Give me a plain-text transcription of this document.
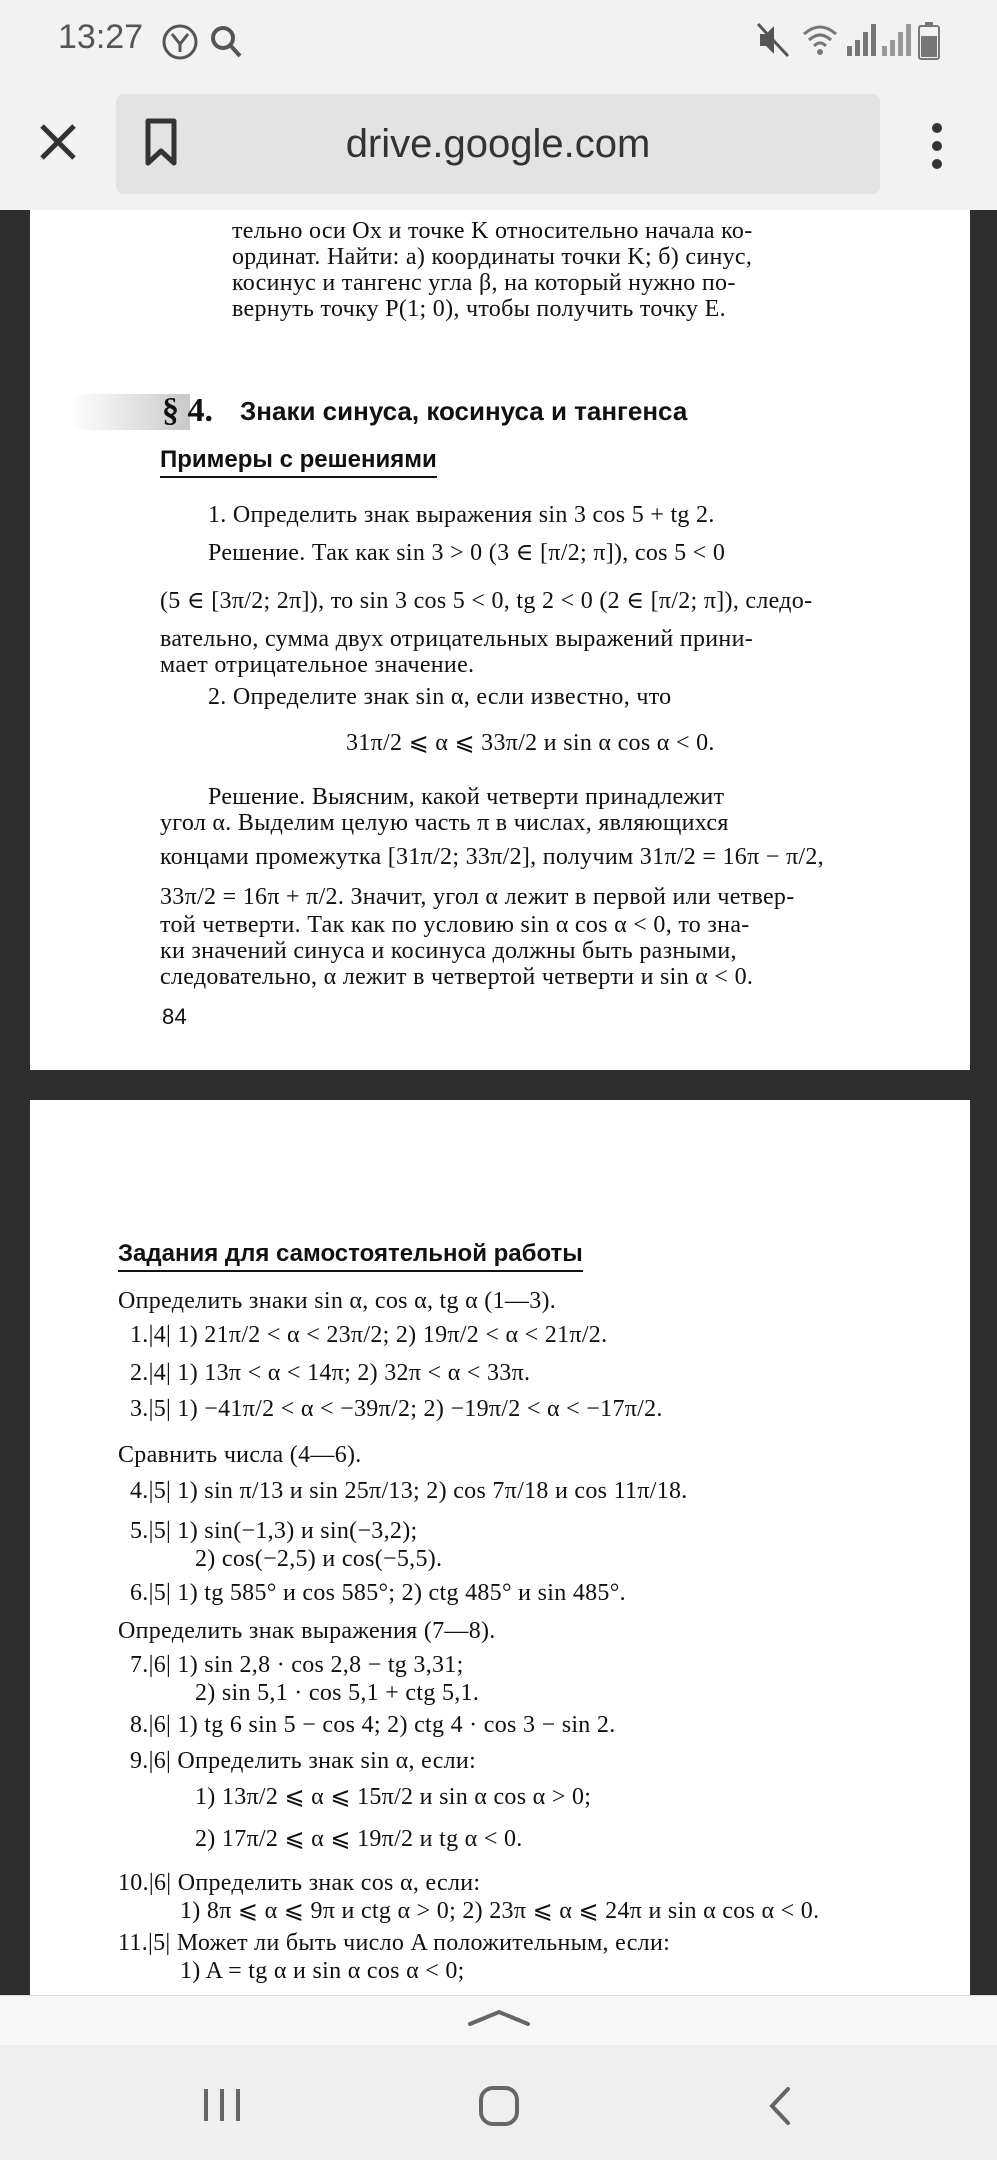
13:27
drive.google.com
тельно оси Ox и точке K относительно начала ко-
ординат. Найти: а) координаты точки K; б) синус,
косинус и тангенс угла β, на который нужно по-
вернуть точку P(1; 0), чтобы получить точку E.
§ 4. Знаки синуса, косинуса и тангенса
Примеры с решениями
1. Определить знак выражения sin 3 cos 5 + tg 2.
Решение. Так как sin 3 > 0 (3 ∈ [π/2; π]), cos 5 < 0
(5 ∈ [3π/2; 2π]), то sin 3 cos 5 < 0, tg 2 < 0 (2 ∈ [π/2; π]), следо-
вательно, сумма двух отрицательных выражений прини-
мает отрицательное значение.
2. Определите знак sin α, если известно, что
31π/2 ⩽ α ⩽ 33π/2 и sin α cos α < 0.
Решение. Выясним, какой четверти принадлежит
угол α. Выделим целую часть π в числах, являющихся
концами промежутка [31π/2; 33π/2], получим 31π/2 = 16π − π/2,
33π/2 = 16π + π/2. Значит, угол α лежит в первой или четвер-
той четверти. Так как по условию sin α cos α < 0, то зна-
ки значений синуса и косинуса должны быть разными,
следовательно, α лежит в четвертой четверти и sin α < 0.
84
Задания для самостоятельной работы
Определить знаки sin α, cos α, tg α (1—3).
1.|4| 1) 21π/2 < α < 23π/2; 2) 19π/2 < α < 21π/2.
2.|4| 1) 13π < α < 14π; 2) 32π < α < 33π.
3.|5| 1) −41π/2 < α < −39π/2; 2) −19π/2 < α < −17π/2.
Сравнить числа (4—6).
4.|5| 1) sin π/13 и sin 25π/13; 2) cos 7π/18 и cos 11π/18.
5.|5| 1) sin(−1,3) и sin(−3,2);
2) cos(−2,5) и cos(−5,5).
6.|5| 1) tg 585° и cos 585°; 2) ctg 485° и sin 485°.
Определить знак выражения (7—8).
7.|6| 1) sin 2,8 · cos 2,8 − tg 3,31;
2) sin 5,1 · cos 5,1 + ctg 5,1.
8.|6| 1) tg 6 sin 5 − cos 4; 2) ctg 4 · cos 3 − sin 2.
9.|6| Определить знак sin α, если:
1) 13π/2 ⩽ α ⩽ 15π/2 и sin α cos α > 0;
2) 17π/2 ⩽ α ⩽ 19π/2 и tg α < 0.
10.|6| Определить знак cos α, если:
1) 8π ⩽ α ⩽ 9π и ctg α > 0; 2) 23π ⩽ α ⩽ 24π и sin α cos α < 0.
11.|5| Может ли быть число A положительным, если:
1) A = tg α и sin α cos α < 0;
